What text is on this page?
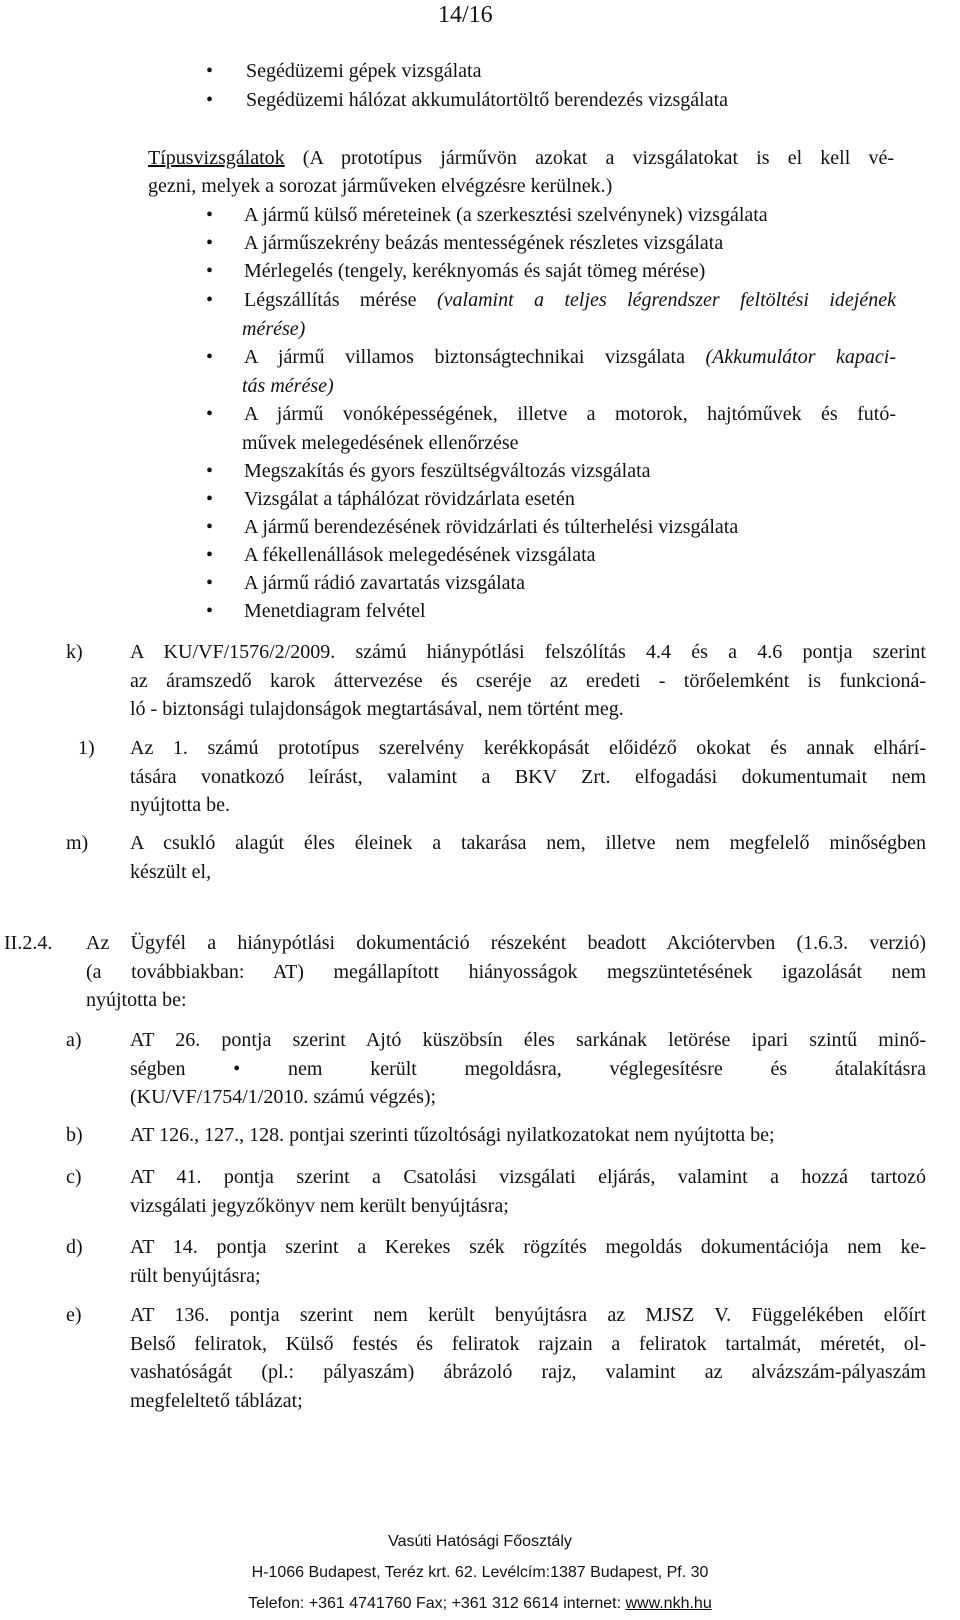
14/16
• Segédüzemi gépek vizsgálata
• Segédüzemi hálózat akkumulátortöltő berendezés vizsgálata
Típusvizsgálatok (A prototípus járművön azokat a vizsgálatokat is el kell vé-
gezni, melyek a sorozat járműveken elvégzésre kerülnek.)
• A jármű külső méreteinek (a szerkesztési szelvénynek) vizsgálata
• A járműszekrény beázás mentességének részletes vizsgálata
• Mérlegelés (tengely, keréknyomás és saját tömeg mérése)
• Légszállítás mérése (valamint a teljes légrendszer feltöltési idejének
mérése)
• A jármű villamos biztonságtechnikai vizsgálata (Akkumulátor kapaci-
tás mérése)
• A jármű vonóképességének, illetve a motorok, hajtóművek és futó-
művek melegedésének ellenőrzése
• Megszakítás és gyors feszültségváltozás vizsgálata
• Vizsgálat a táphálózat rövidzárlata esetén
• A jármű berendezésének rövidzárlati és túlterhelési vizsgálata
• A fékellenállások melegedésének vizsgálata
• A jármű rádió zavartatás vizsgálata
• Menetdiagram felvétel
k) A KU/VF/1576/2/2009. számú hiánypótlási felszólítás 4.4 és a 4.6 pontja szerint
az áramszedő karok áttervezése és cseréje az eredeti - törőelemként is funkcioná-
ló - biztonsági tulajdonságok megtartásával, nem történt meg.
1) Az 1. számú prototípus szerelvény kerékkopását előidéző okokat és annak elhárí-
tására vonatkozó leírást, valamint a BKV Zrt. elfogadási dokumentumait nem
nyújtotta be.
m) A csukló alagút éles éleinek a takarása nem, illetve nem megfelelő minőségben
készült el,
II.2.4. Az Ügyfél a hiánypótlási dokumentáció részeként beadott Akciótervben (1.6.3. verzió)
(a továbbiakban: AT) megállapított hiányosságok megszüntetésének igazolását nem
nyújtotta be:
a) AT 26. pontja szerint Ajtó küszöbsín éles sarkának letörése ipari szintű minő-
ségben • nem került megoldásra, véglegesítésre és átalakításra
(KU/VF/1754/1/2010. számú végzés);
b) AT 126., 127., 128. pontjai szerinti tűzoltósági nyilatkozatokat nem nyújtotta be;
c) AT 41. pontja szerint a Csatolási vizsgálati eljárás, valamint a hozzá tartozó
vizsgálati jegyzőkönyv nem került benyújtásra;
d) AT 14. pontja szerint a Kerekes szék rögzítés megoldás dokumentációja nem ke-
rült benyújtásra;
e) AT 136. pontja szerint nem került benyújtásra az MJSZ V. Függelékében előírt
Belső feliratok, Külső festés és feliratok rajzain a feliratok tartalmát, méretét, ol-
vashatóságát (pl.: pályaszám) ábrázoló rajz, valamint az alvázszám-pályaszám
megfeleltető táblázat;
Vasúti Hatósági Főosztály
H-1066 Budapest, Teréz krt. 62. Levélcím:1387 Budapest, Pf. 30
Telefon: +361 4741760 Fax; +361 312 6614 internet: www.nkh.hu
